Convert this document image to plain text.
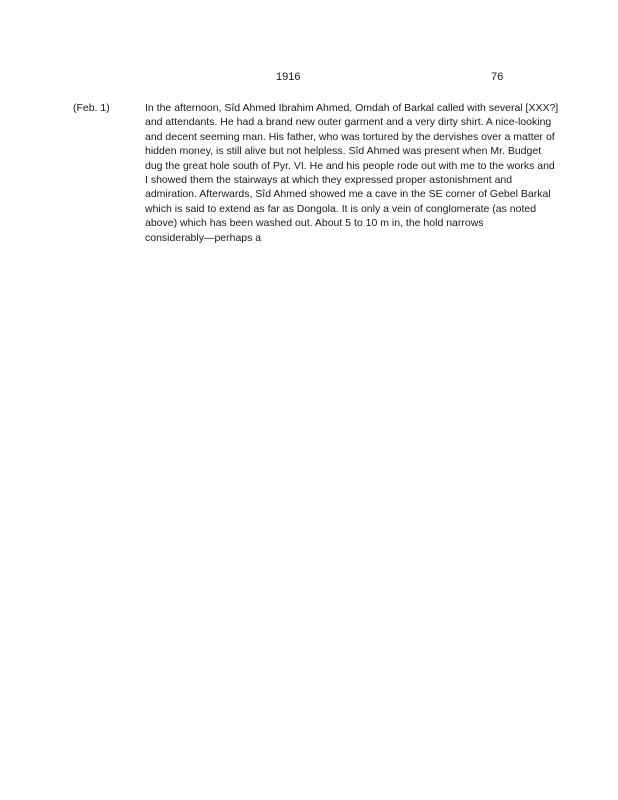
1916	76
(Feb. 1)	In the afternoon, Sîd Ahmed Ibrahim Ahmed, Omdah of Barkal called with several [XXX?]
and attendants. He had a brand new outer garment and a very dirty shirt. A nice-looking
and decent seeming man. His father, who was tortured by the dervishes over a matter of
hidden money, is still alive but not helpless. Sîd Ahmed was present when Mr. Budget
dug the great hole south of Pyr. VI. He and his people rode out with me to the works and
I showed them the stairways at which they expressed proper astonishment and
admiration. Afterwards, Sîd Ahmed showed me a cave in the SE corner of Gebel Barkal
which is said to extend as far as Dongola. It is only a vein of conglomerate (as noted
above) which has been washed out. About 5 to 10 m in, the hold narrows
considerably—perhaps a
